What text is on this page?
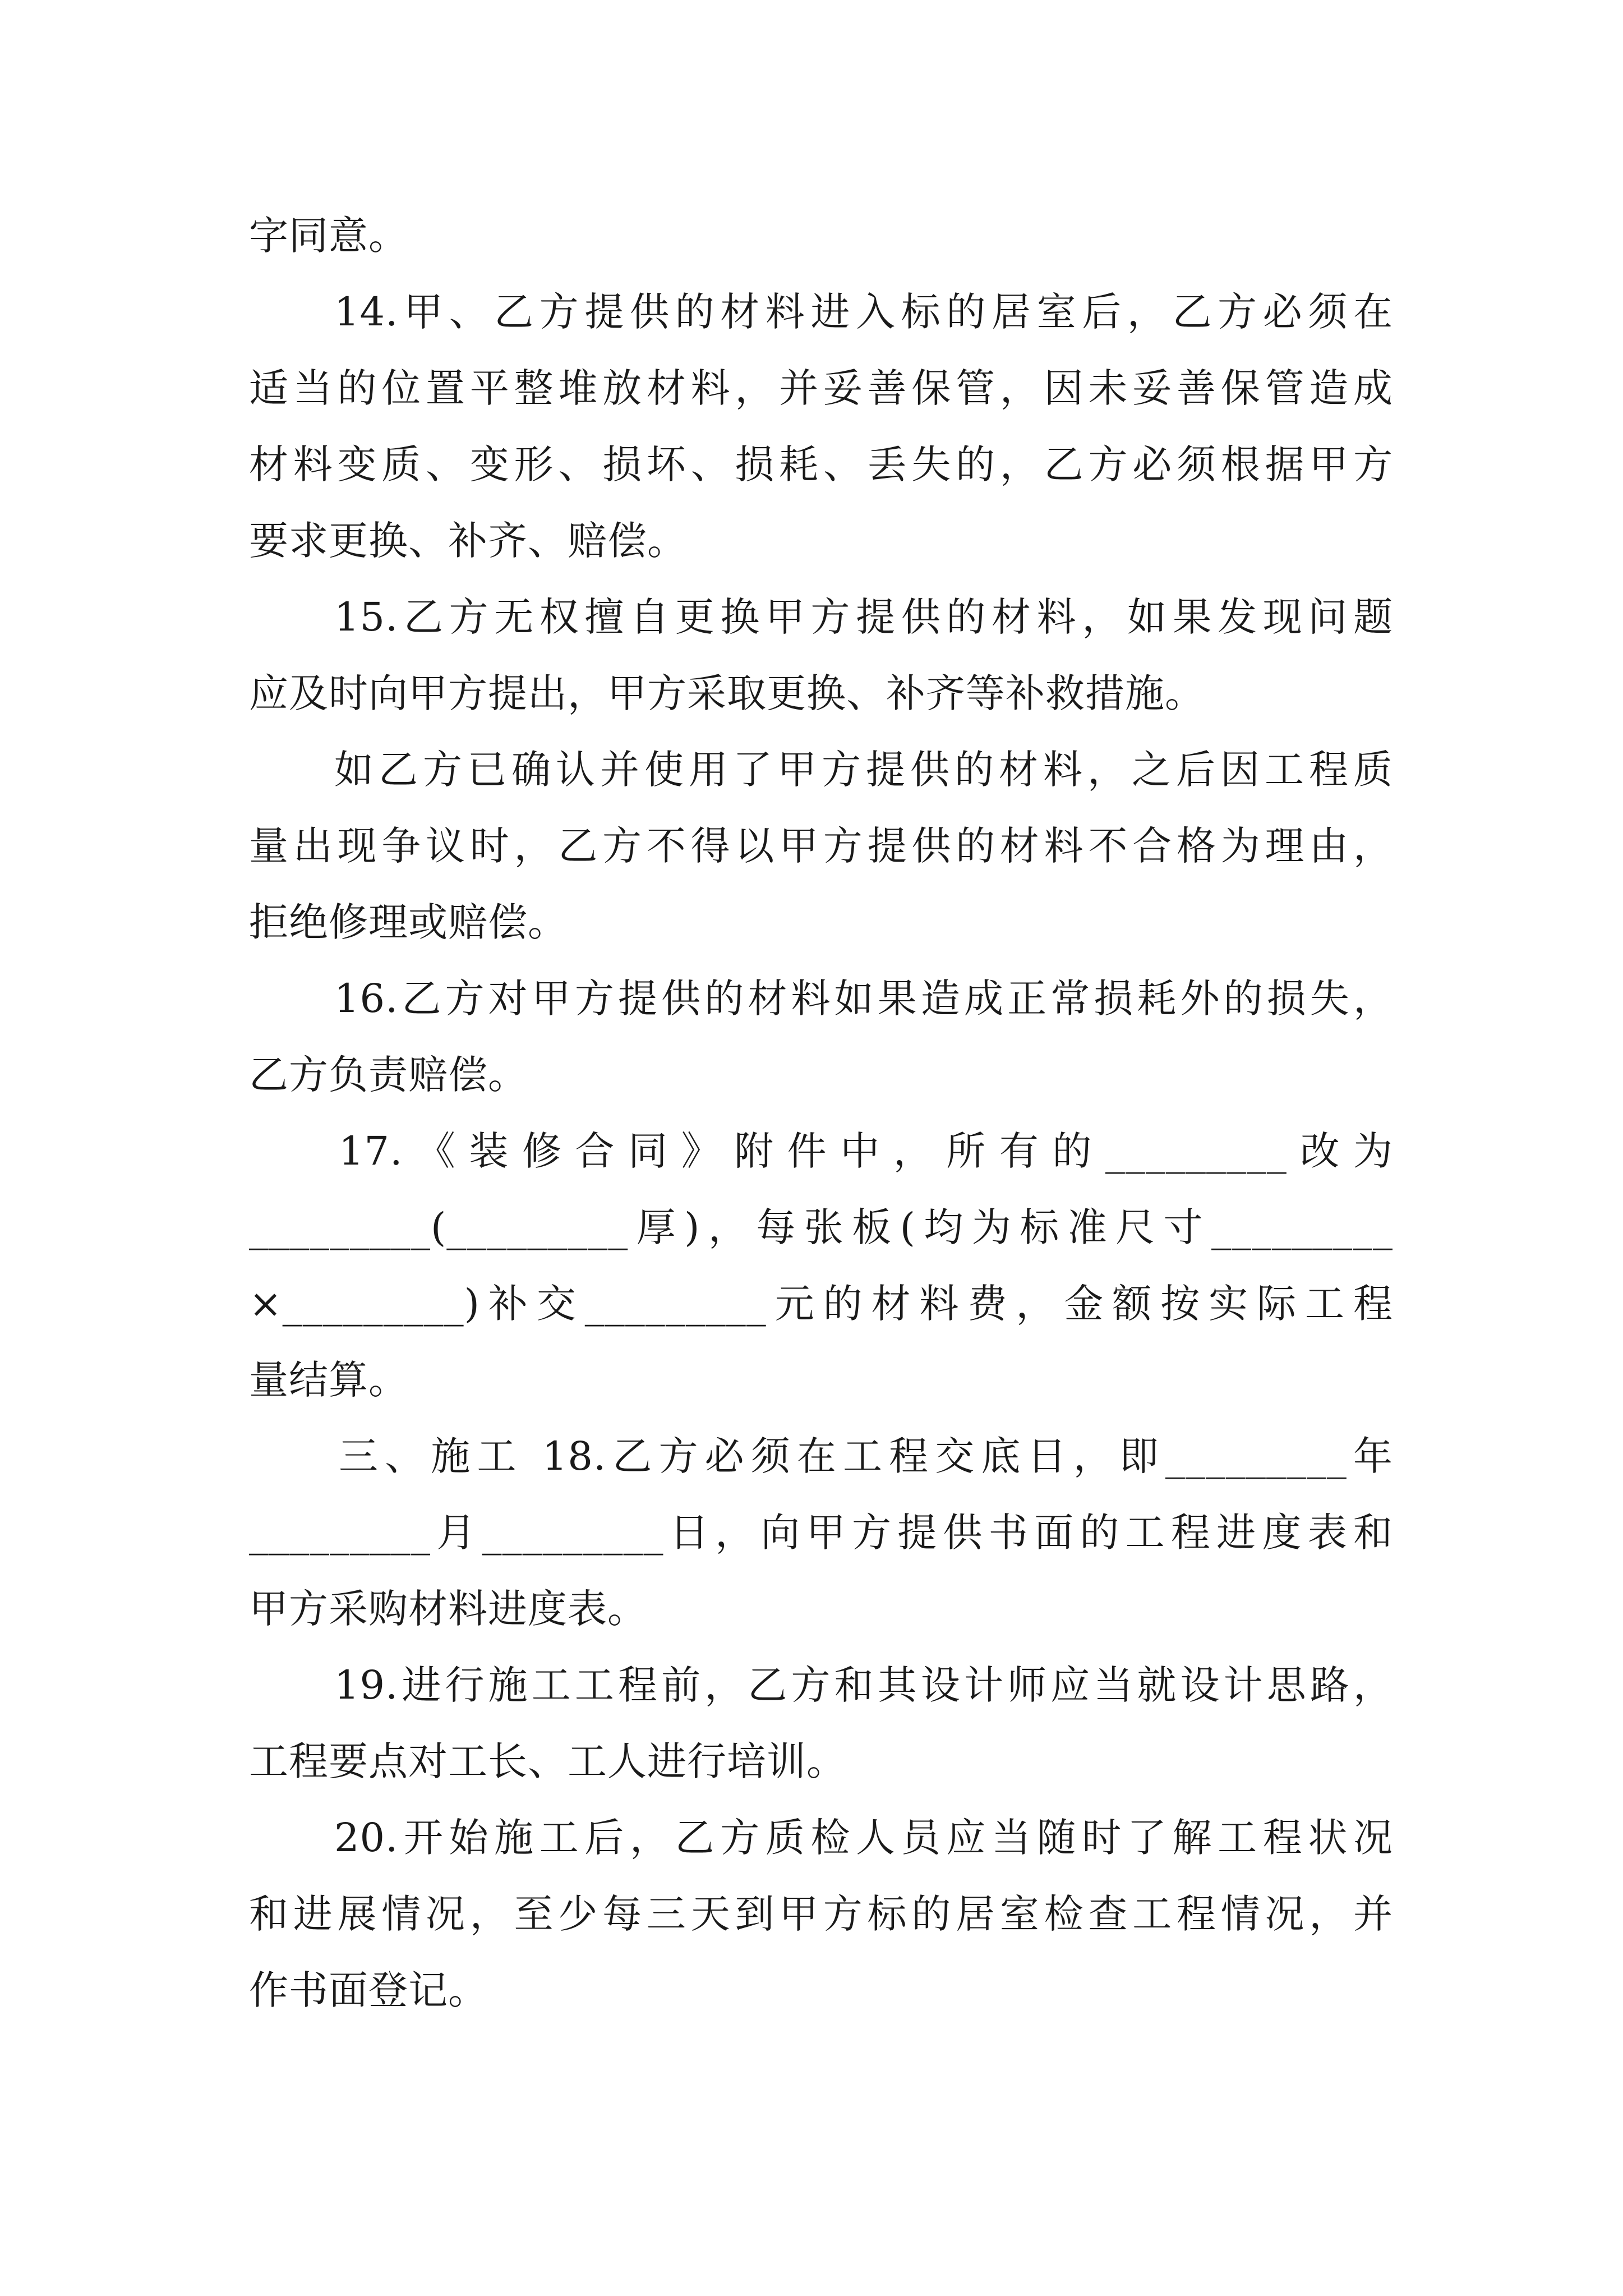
字同意。
14.甲、乙方提供的材料进入标的居室后，乙方必须在
适当的位置平整堆放材料，并妥善保管，因未妥善保管造成
材料变质、变形、损坏、损耗、丢失的，乙方必须根据甲方
要求更换、补齐、赔偿。
15.乙方无权擅自更换甲方提供的材料，如果发现问题
应及时向甲方提出，甲方采取更换、补齐等补救措施。
如乙方已确认并使用了甲方提供的材料，之后因工程质
量出现争议时，乙方不得以甲方提供的材料不合格为理由，
拒绝修理或赔偿。
16.乙方对甲方提供的材料如果造成正常损耗外的损失，
乙方负责赔偿。
17.《装修合同》附件中，所有的_________改为
_________(_________厚)，每张板(均为标准尺寸_________
×_________)补交_________元的材料费，金额按实际工程
量结算。
三、施工 18.乙方必须在工程交底日，即_________年
_________月_________日，向甲方提供书面的工程进度表和
甲方采购材料进度表。
19.进行施工工程前，乙方和其设计师应当就设计思路，
工程要点对工长、工人进行培训。
20.开始施工后，乙方质检人员应当随时了解工程状况
和进展情况，至少每三天到甲方标的居室检查工程情况，并
作书面登记。
